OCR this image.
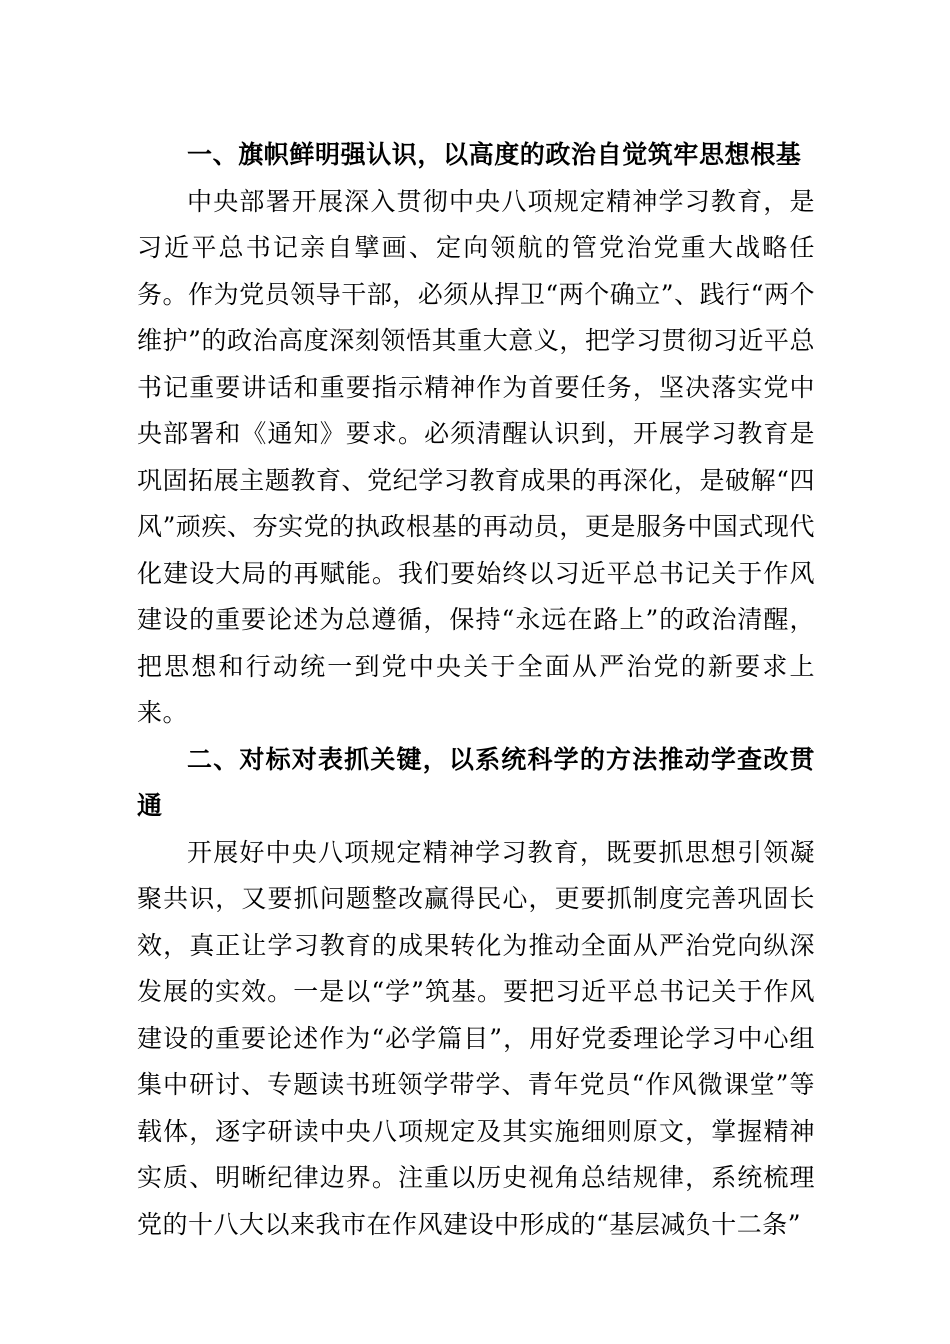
一、旗帜鲜明强认识，以高度的政治自觉筑牢思想根基

中央部署开展深入贯彻中央八项规定精神学习教育，是习近平总书记亲自擘画、定向领航的管党治党重大战略任务。作为党员领导干部，必须从捍卫“两个确立”、践行“两个维护”的政治高度深刻领悟其重大意义，把学习贯彻习近平总书记重要讲话和重要指示精神作为首要任务，坚决落实党中央部署和《通知》要求。必须清醒认识到，开展学习教育是巩固拓展主题教育、党纪学习教育成果的再深化，是破解“四风”顽疾、夯实党的执政根基的再动员，更是服务中国式现代化建设大局的再赋能。我们要始终以习近平总书记关于作风建设的重要论述为总遵循，保持“永远在路上”的政治清醒，把思想和行动统一到党中央关于全面从严治党的新要求上来。

二、对标对表抓关键，以系统科学的方法推动学查改贯通

开展好中央八项规定精神学习教育，既要抓思想引领凝聚共识，又要抓问题整改赢得民心，更要抓制度完善巩固长效，真正让学习教育的成果转化为推动全面从严治党向纵深发展的实效。一是以“学”筑基。要把习近平总书记关于作风建设的重要论述作为“必学篇目”，用好党委理论学习中心组集中研讨、专题读书班领学带学、青年党员“作风微课堂”等载体，逐字研读中央八项规定及其实施细则原文，掌握精神实质、明晰纪律边界。注重以历史视角总结规律，系统梳理党的十八大以来我市在作风建设中形成的“基层减负十二条”
